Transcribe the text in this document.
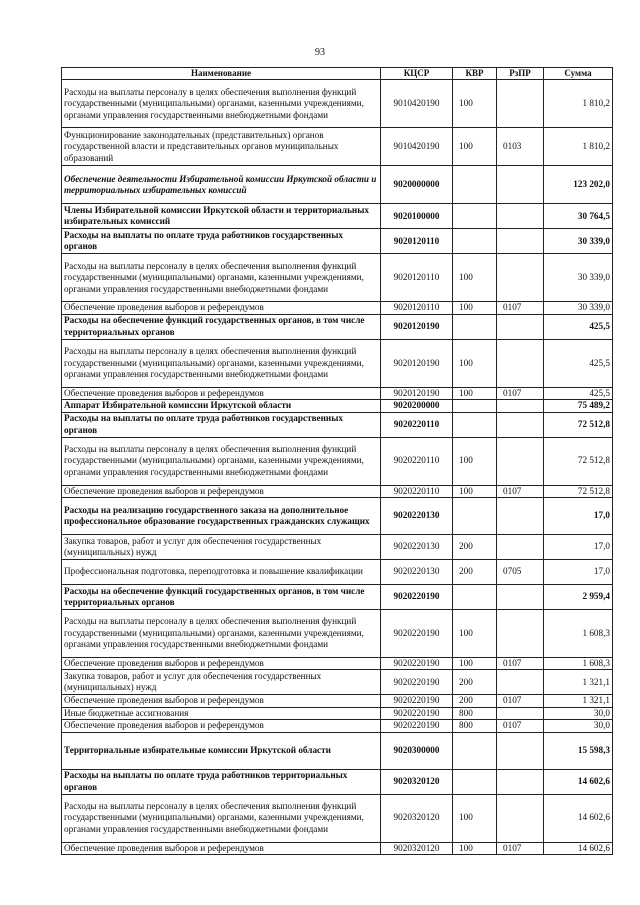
93
Наименование	КЦСР	КВР	РзПР	Сумма
Расходы на выплаты персоналу в целях обеспечения выполнения функций государственными (муниципальными) органами, казенными учреждениями, органами управления государственными внебюджетными фондами	9010420190	100		1 810,2
Функционирование законодательных (представительных) органов государственной власти и представительных органов муниципальных образований	9010420190	100	0103	1 810,2
Обеспечение деятельности Избирательной комиссии Иркутской области и территориальных избирательных комиссий	9020000000			123 202,0
Члены Избирательной комиссии Иркутской области и территориальных избирательных комиссий	9020100000			30 764,5
Расходы на выплаты по оплате труда работников государственных органов	9020120110			30 339,0
Расходы на выплаты персоналу в целях обеспечения выполнения функций государственными (муниципальными) органами, казенными учреждениями, органами управления государственными внебюджетными фондами	9020120110	100		30 339,0
Обеспечение проведения выборов и референдумов	9020120110	100	0107	30 339,0
Расходы на обеспечение функций государственных органов, в том числе территориальных органов	9020120190			425,5
Расходы на выплаты персоналу в целях обеспечения выполнения функций государственными (муниципальными) органами, казенными учреждениями, органами управления государственными внебюджетными фондами	9020120190	100		425,5
Обеспечение проведения выборов и референдумов	9020120190	100	0107	425,5
Аппарат Избирательной комиссии Иркутской области	9020200000			75 489,2
Расходы на выплаты по оплате труда работников государственных органов	9020220110			72 512,8
Расходы на выплаты персоналу в целях обеспечения выполнения функций государственными (муниципальными) органами, казенными учреждениями, органами управления государственными внебюджетными фондами	9020220110	100		72 512,8
Обеспечение проведения выборов и референдумов	9020220110	100	0107	72 512,8
Расходы на реализацию государственного заказа на дополнительное профессиональное образование государственных гражданских служащих	9020220130			17,0
Закупка товаров, работ и услуг для обеспечения государственных (муниципальных) нужд	9020220130	200		17,0
Профессиональная подготовка, переподготовка и повышение квалификации	9020220130	200	0705	17,0
Расходы на обеспечение функций государственных органов, в том числе территориальных органов	9020220190			2 959,4
Расходы на выплаты персоналу в целях обеспечения выполнения функций государственными (муниципальными) органами, казенными учреждениями, органами управления государственными внебюджетными фондами	9020220190	100		1 608,3
Обеспечение проведения выборов и референдумов	9020220190	100	0107	1 608,3
Закупка товаров, работ и услуг для обеспечения государственных (муниципальных) нужд	9020220190	200		1 321,1
Обеспечение проведения выборов и референдумов	9020220190	200	0107	1 321,1
Иные бюджетные ассигнования	9020220190	800		30,0
Обеспечение проведения выборов и референдумов	9020220190	800	0107	30,0
Территориальные избирательные комиссии Иркутской области	9020300000			15 598,3
Расходы на выплаты по оплате труда работников территориальных органов	9020320120			14 602,6
Расходы на выплаты персоналу в целях обеспечения выполнения функций государственными (муниципальными) органами, казенными учреждениями, органами управления государственными внебюджетными фондами	9020320120	100		14 602,6
Обеспечение проведения выборов и референдумов	9020320120	100	0107	14 602,6
